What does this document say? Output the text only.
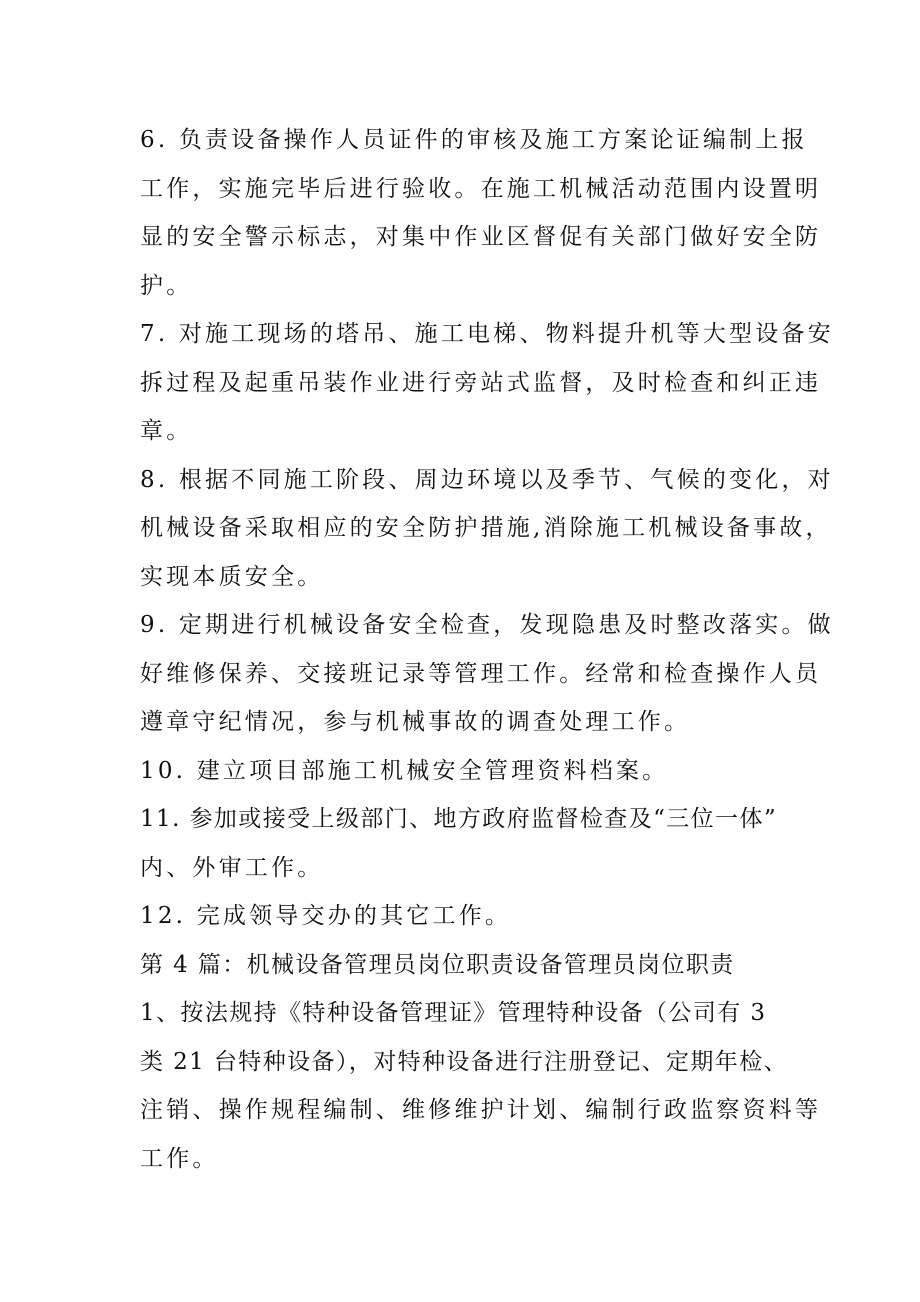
6. 负责设备操作人员证件的审核及施工方案论证编制上报
工作，实施完毕后进行验收。在施工机械活动范围内设置明
显的安全警示标志，对集中作业区督促有关部门做好安全防
护。
7. 对施工现场的塔吊、施工电梯、物料提升机等大型设备安
拆过程及起重吊装作业进行旁站式监督，及时检查和纠正违
章。
8. 根据不同施工阶段、周边环境以及季节、气候的变化，对
机械设备采取相应的安全防护措施,消除施工机械设备事故，
实现本质安全。
9. 定期进行机械设备安全检查，发现隐患及时整改落实。做
好维修保养、交接班记录等管理工作。经常和检查操作人员
遵章守纪情况，参与机械事故的调查处理工作。
10. 建立项目部施工机械安全管理资料档案。
11. 参加或接受上级部门、地方政府监督检查及“三位一体”
内、外审工作。
12. 完成领导交办的其它工作。
第 4 篇：机械设备管理员岗位职责设备管理员岗位职责
1、按法规持《特种设备管理证》管理特种设备（公司有 3
类 21 台特种设备），对特种设备进行注册登记、定期年检、
注销、操作规程编制、维修维护计划、编制行政监察资料等
工作。
